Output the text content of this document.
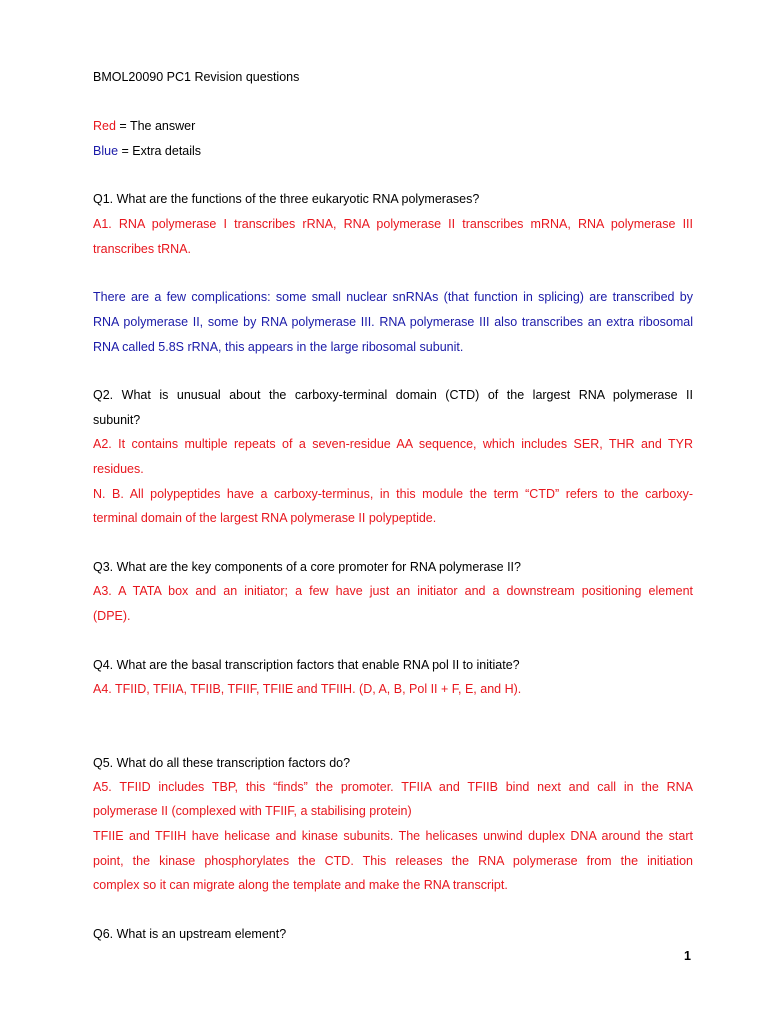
BMOL20090 PC1 Revision questions
Red = The answer
Blue = Extra details
Q1. What are the functions of the three eukaryotic RNA polymerases?
A1. RNA polymerase I transcribes rRNA, RNA polymerase II transcribes mRNA, RNA polymerase III
transcribes tRNA.
There are a few complications: some small nuclear snRNAs (that function in splicing) are transcribed by
RNA polymerase II, some by RNA polymerase III. RNA polymerase III also transcribes an extra ribosomal
RNA called 5.8S rRNA, this appears in the large ribosomal subunit.
Q2. What is unusual about the carboxy-terminal domain (CTD) of the largest RNA polymerase II
subunit?
A2. It contains multiple repeats of a seven-residue AA sequence, which includes SER, THR and TYR
residues.
N. B. All polypeptides have a carboxy-terminus, in this module the term “CTD” refers to the carboxy-
terminal domain of the largest RNA polymerase II polypeptide.
Q3. What are the key components of a core promoter for RNA polymerase II?
A3. A TATA box and an initiator; a few have just an initiator and a downstream positioning element
(DPE).
Q4. What are the basal transcription factors that enable RNA pol II to initiate?
A4. TFIID, TFIIA, TFIIB, TFIIF, TFIIE and TFIIH. (D, A, B, Pol II + F, E, and H).
Q5. What do all these transcription factors do?
A5. TFIID includes TBP, this “finds” the promoter. TFIIA and TFIIB bind next and call in the RNA
polymerase II (complexed with TFIIF, a stabilising protein)
TFIIE and TFIIH have helicase and kinase subunits. The helicases unwind duplex DNA around the start
point, the kinase phosphorylates the CTD. This releases the RNA polymerase from the initiation
complex so it can migrate along the template and make the RNA transcript.
Q6. What is an upstream element?
1
